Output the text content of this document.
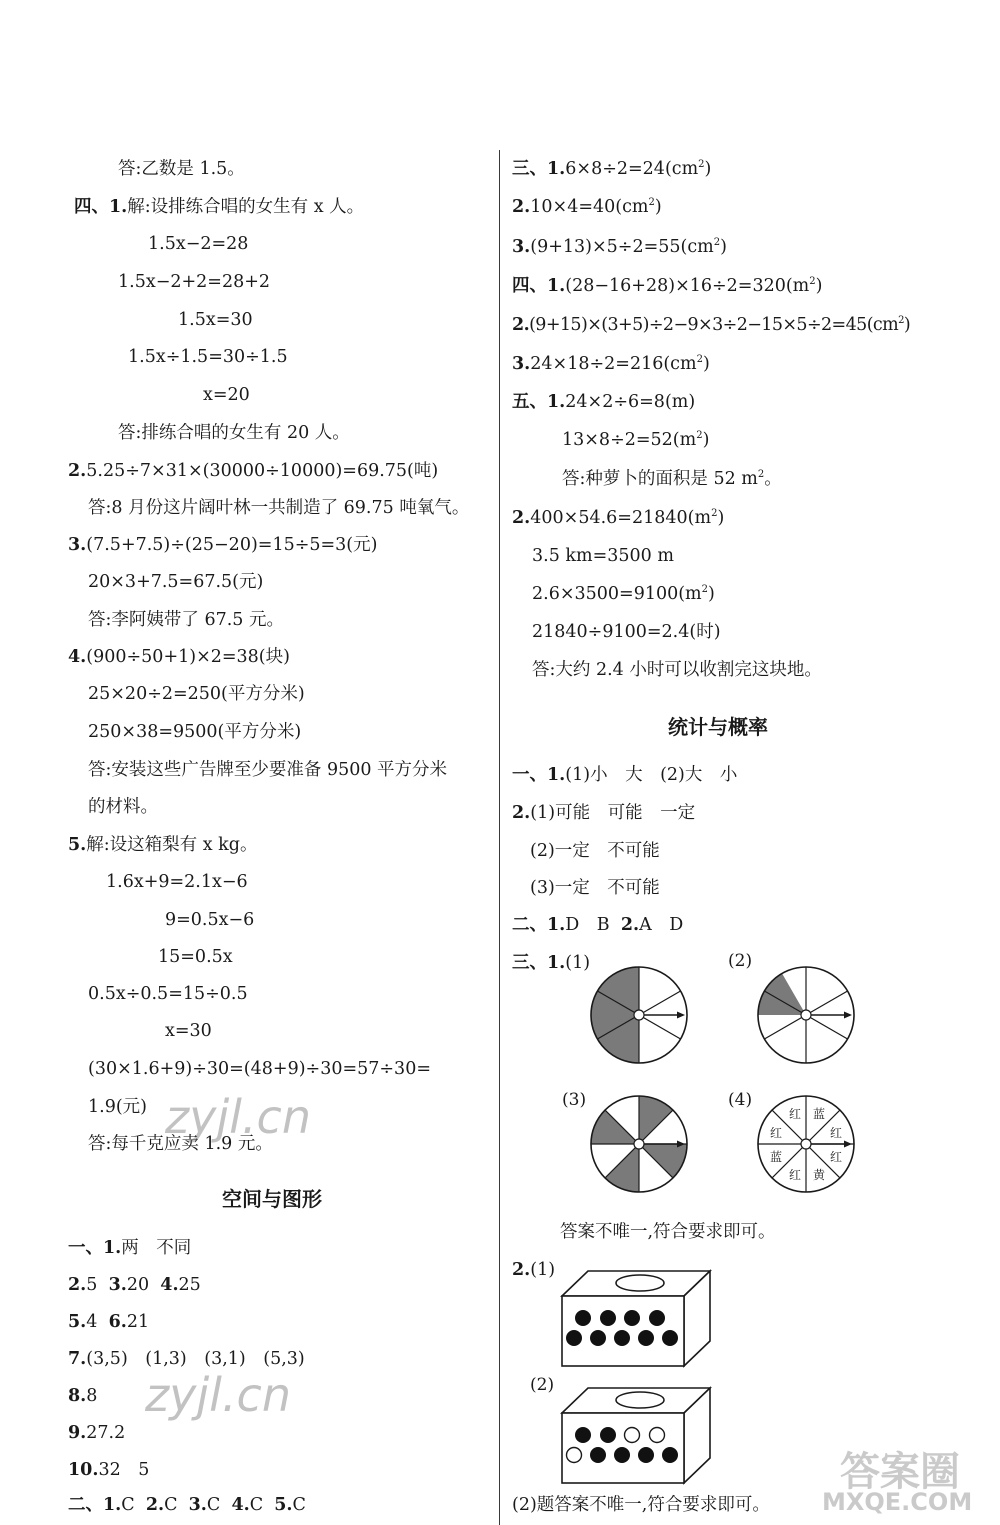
答:乙数是 1.5。
四、1.解:设排练合唱的女生有 x 人。
1.5x−2=28
1.5x−2+2=28+2
1.5x=30
1.5x÷1.5=30÷1.5
x=20
答:排练合唱的女生有 20 人。
2.5.25÷7×31×(30000÷10000)=69.75(吨)
答:8 月份这片阔叶林一共制造了 69.75 吨氧气。
3.(7.5+7.5)÷(25−20)=15÷5=3(元)
20×3+7.5=67.5(元)
答:李阿姨带了 67.5 元。
4.(900÷50+1)×2=38(块)
25×20÷2=250(平方分米)
250×38=9500(平方分米)
答:安装这些广告牌至少要准备 9500 平方分米
的材料。
5.解:设这箱梨有 x kg。
1.6x+9=2.1x−6
9=0.5x−6
15=0.5x
0.5x÷0.5=15÷0.5
x=30
(30×1.6+9)÷30=(48+9)÷30=57÷30=
1.9(元)
答:每千克应卖 1.9 元。
空间与图形
一、1.两　不同
2.5 3.20 4.25
5.4 6.21
7.(3,5)　(1,3)　(3,1)　(5,3)
8.8
9.27.2
10.32　5
二、1.C 2.C 3.C 4.C 5.C
三、$1.6\times 8\div 2=24(cm^2)$
$2.10\times 4=40(cm^2)$
$3.(9+13)\times 5\div 2=55(cm^2)$
四、$1.(28-16+28)\times 16\div 2=320(m^2)$
$2.(9+15)\times(3+5)\div 2-9\times 3\div 2-15\times 5\div 2=45(cm^2)$
$3.24\times 18\div 2=216(cm^2)$
五、1.24×2÷6=8(m)
$13\times 8\div 2=52(m^2)$
答:种萝卜的面积是 52 $m^2$。
$2.400\times 54.6=21840(m^2)$
3.5 km=3500 m
$2.6\times 3500=9100(m^2)$
21840÷9100=2.4(时)
答:大约 2.4 小时可以收割完这块地。
统计与概率
一、1.(1)小　大　(2)大　小
2.(1)可能　可能　一定
(2)一定　不可能
(3)一定　不可能
二、1.D　B 2.A　D
三、1.(1)	(2)
(3)	(4)
红 蓝
红
红
黄
红
蓝
红
答案不唯一,符合要求即可。
2.(1)
(2)
(2)题答案不唯一,符合要求即可。
zyjl.cn
zyjl.cn
MXQE.COM
答案圈
